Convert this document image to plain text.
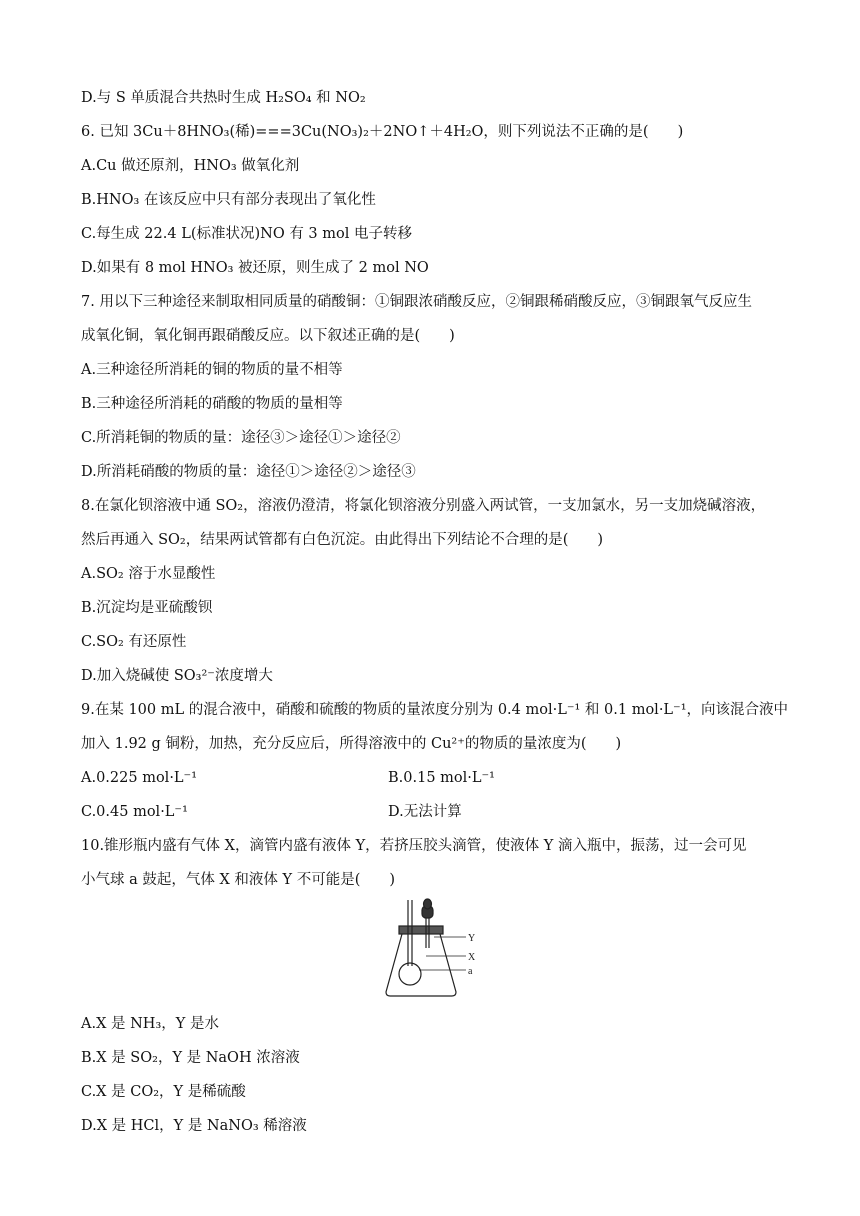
D.与 S 单质混合共热时生成 H₂SO₄ 和 NO₂
6. 已知 3Cu＋8HNO₃(稀)===3Cu(NO₃)₂＋2NO↑＋4H₂O，则下列说法不正确的是(　　)
A.Cu 做还原剂，HNO₃ 做氧化剂
B.HNO₃ 在该反应中只有部分表现出了氧化性
C.每生成 22.4 L(标准状况)NO 有 3 mol 电子转移
D.如果有 8 mol HNO₃ 被还原，则生成了 2 mol NO
7. 用以下三种途径来制取相同质量的硝酸铜：①铜跟浓硝酸反应，②铜跟稀硝酸反应，③铜跟氧气反应生
成氧化铜，氧化铜再跟硝酸反应。以下叙述正确的是(　　)
A.三种途径所消耗的铜的物质的量不相等
B.三种途径所消耗的硝酸的物质的量相等
C.所消耗铜的物质的量：途径③＞途径①＞途径②
D.所消耗硝酸的物质的量：途径①＞途径②＞途径③
8.在氯化钡溶液中通 SO₂，溶液仍澄清，将氯化钡溶液分别盛入两试管，一支加氯水，另一支加烧碱溶液，
然后再通入 SO₂，结果两试管都有白色沉淀。由此得出下列结论不合理的是(　　)
A.SO₂ 溶于水显酸性
B.沉淀均是亚硫酸钡
C.SO₂ 有还原性
D.加入烧碱使 SO₃²⁻浓度增大
9.在某 100 mL 的混合液中，硝酸和硫酸的物质的量浓度分别为 0.4 mol·L⁻¹ 和 0.1 mol·L⁻¹，向该混合液中
加入 1.92 g 铜粉，加热，充分反应后，所得溶液中的 Cu²⁺的物质的量浓度为(　　)
A.0.225 mol·L⁻¹	B.0.15 mol·L⁻¹
C.0.45 mol·L⁻¹	D.无法计算
10.锥形瓶内盛有气体 X，滴管内盛有液体 Y，若挤压胶头滴管，使液体 Y 滴入瓶中，振荡，过一会可见
小气球 a 鼓起，气体 X 和液体 Y 不可能是(　　)
Y
X
a
A.X 是 NH₃，Y 是水
B.X 是 SO₂，Y 是 NaOH 浓溶液
C.X 是 CO₂，Y 是稀硫酸
D.X 是 HCl，Y 是 NaNO₃ 稀溶液
